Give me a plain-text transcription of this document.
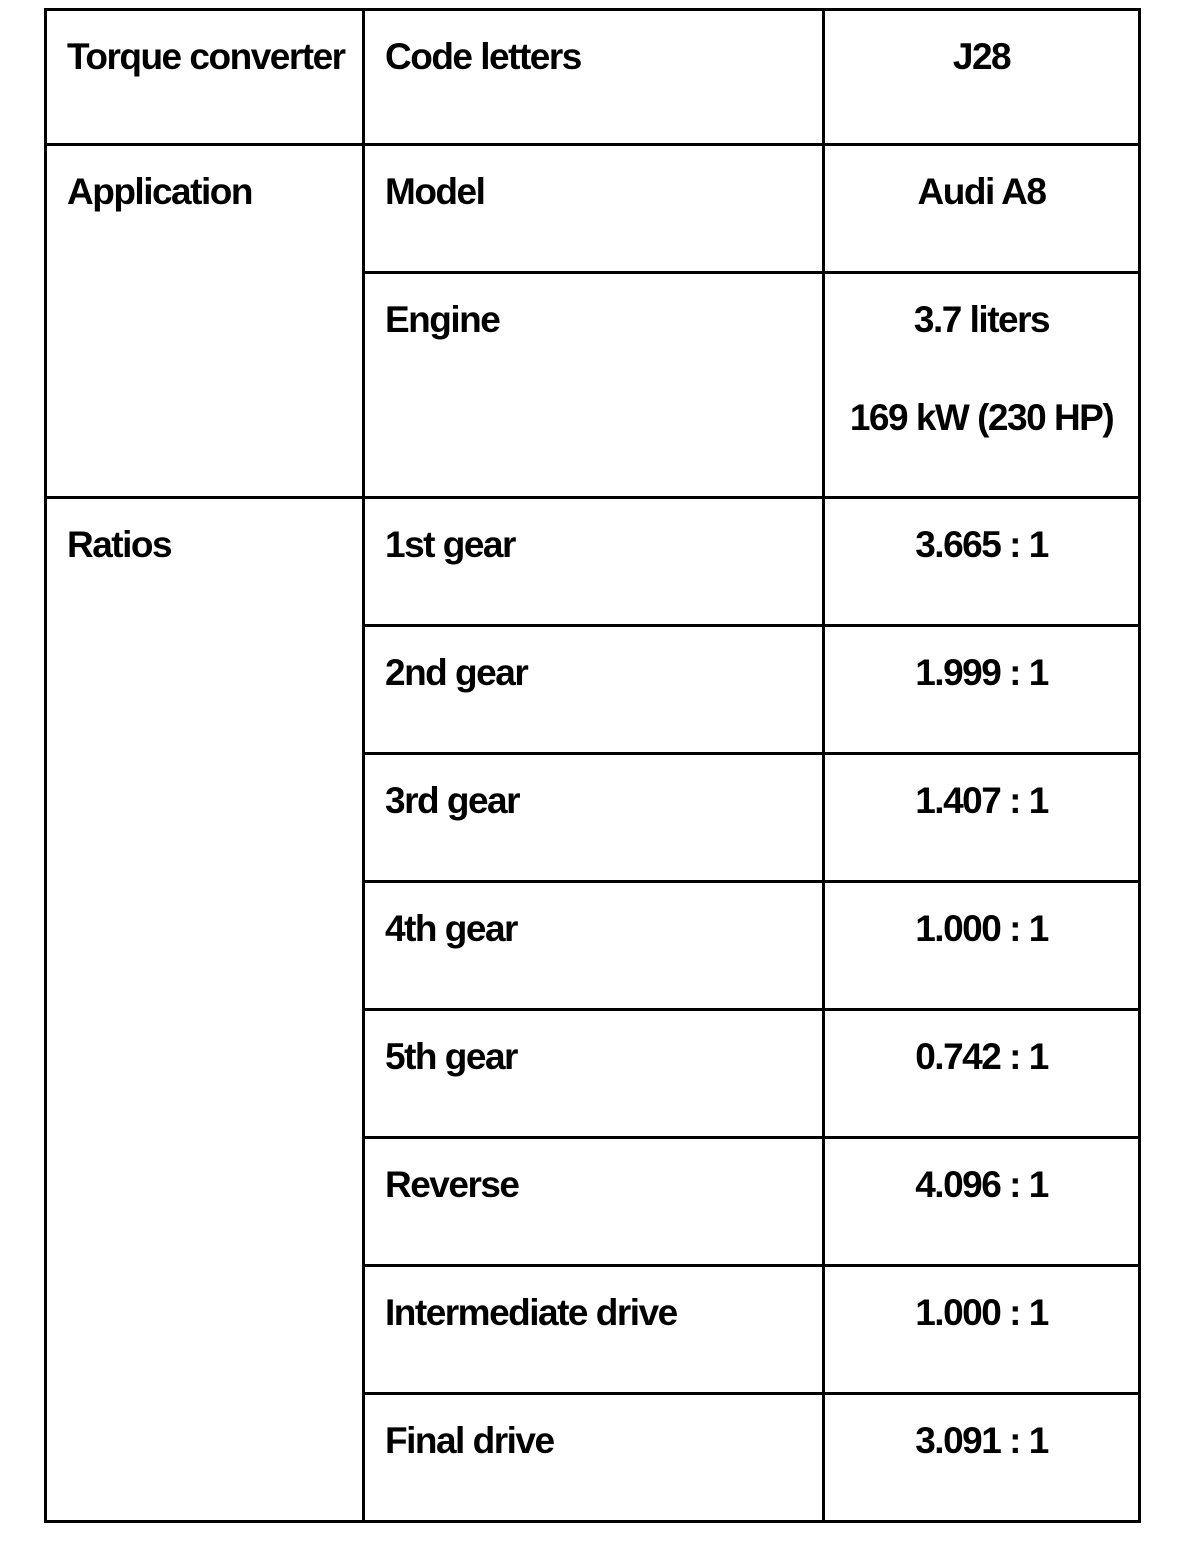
Torque converter	Code letters	J28
Application	Model	Audi A8

	Engine	3.7 liters
169 kW (230 HP)

Ratios	1st gear	3.665 : 1
	2nd gear	1.999 : 1
	3rd gear	1.407 : 1
	4th gear	1.000 : 1
	5th gear	0.742 : 1
	Reverse	4.096 : 1
	Intermediate drive	1.000 : 1
	Final drive	3.091 : 1
